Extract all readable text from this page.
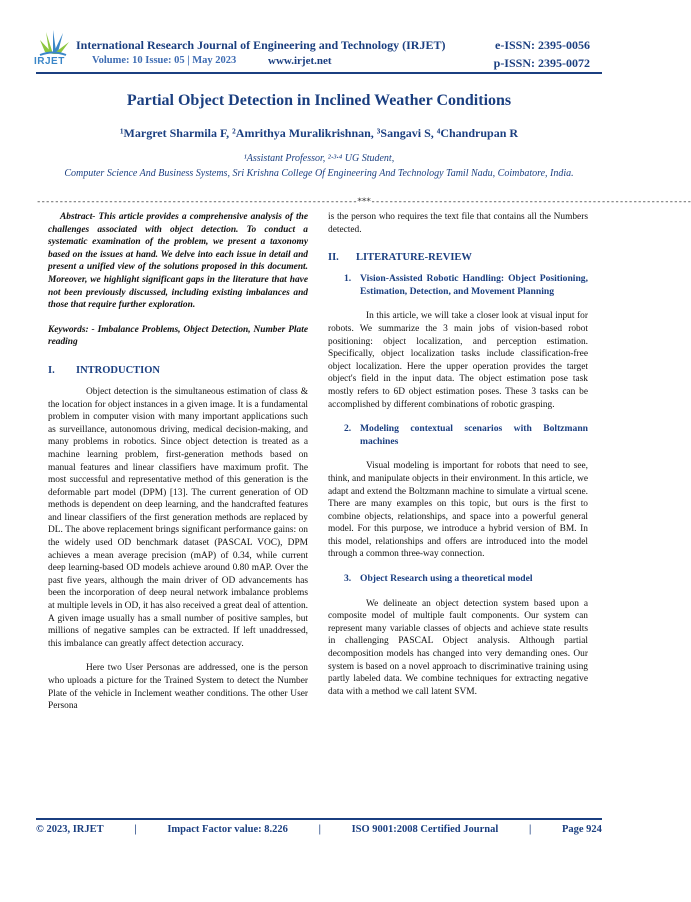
IRJET
International Research Journal of Engineering and Technology (IRJET)	e-ISSN: 2395-0056
Volume: 10 Issue: 05 | May 2023	www.irjet.net	p-ISSN: 2395-0072
Partial Object Detection in Inclined Weather Conditions
¹Margret Sharmila F, ²Amrithya Muralikrishnan, ³Sangavi S, ⁴Chandrupan R
¹Assistant Professor, ²·³·⁴ UG Student,
Computer Science And Business Systems, Sri Krishna College Of Engineering And Technology Tamil Nadu, Coimbatore, India.
-----------------------------------------------------------------------***-----------------------------------------------------------------------
Abstract- This article provides a comprehensive analysis of the challenges associated with object detection. To conduct a systematic examination of the problem, we present a taxonomy based on the issues at hand. We delve into each issue in detail and present a unified view of the solutions proposed in this document. Moreover, we highlight significant gaps in the literature that have not been previously discussed, including existing imbalances and those that require further exploration.
Keywords: - Imbalance Problems, Object Detection, Number Plate reading
I.	INTRODUCTION
Object detection is the simultaneous estimation of class & the location for object instances in a given image. It is a fundamental problem in computer vision with many important applications such as surveillance, autonomous driving, medical decision-making, and many problems in robotics. Since object detection is treated as a machine learning problem, first-generation methods based on manual features and linear classifiers have maximum profit. The most successful and representative method of this generation is the deformable part model (DPM) [13]. The current generation of OD methods is dependent on deep learning, and the handcrafted features and linear classifiers of the first generation methods are replaced by DL. The above replacement brings significant performance gains: on the widely used OD benchmark dataset (PASCAL VOC), DPM achieves a mean average precision (mAP) of 0.34, while current deep learning-based OD models achieve around 0.80 mAP. Over the past five years, although the main driver of OD advancements has been the incorporation of deep neural network imbalance problems at multiple levels in OD, it has also received a great deal of attention. A given image usually has a small number of positive samples, but millions of negative samples can be extracted. If left unaddressed, this imbalance can greatly affect detection accuracy.
Here two User Personas are addressed, one is the person who uploads a picture for the Trained System to detect the Number Plate of the vehicle in Inclement weather conditions. The other User Persona
is the person who requires the text file that contains all the Numbers detected.
II.	LITERATURE-REVIEW
1. Vision-Assisted Robotic Handling: Object Positioning, Estimation, Detection, and Movement Planning
In this article, we will take a closer look at visual input for robots. We summarize the 3 main jobs of vision-based robot positioning: object localization, and perception estimation. Specifically, object localization tasks include classification-free object localization. Here the upper operation provides the target object's field in the input data. The object estimation pose task mostly refers to 6D object estimation poses. These 3 tasks can be accomplished by different combinations of robotic grasping.
2. Modeling contextual scenarios with Boltzmann machines
Visual modeling is important for robots that need to see, think, and manipulate objects in their environment. In this article, we adapt and extend the Boltzmann machine to simulate a virtual scene. There are many examples on this topic, but ours is the first to combine objects, relationships, and space into a powerful general model. For this purpose, we introduce a hybrid version of BM. In this model, relationships and offers are introduced into the model through a common three-way connection.
3. Object Research using a theoretical model
We delineate an object detection system based upon a composite model of multiple fault components. Our system can represent many variable classes of objects and achieve state results in challenging PASCAL Object analysis. Although partial decomposition models has changed into very demanding ones. Our system is based on a novel approach to discriminative training using partly labeled data. We combine techniques for extracting negative data with a method we call latent SVM.
© 2023, IRJET	|	Impact Factor value: 8.226	|	ISO 9001:2008 Certified Journal	|	Page 924
